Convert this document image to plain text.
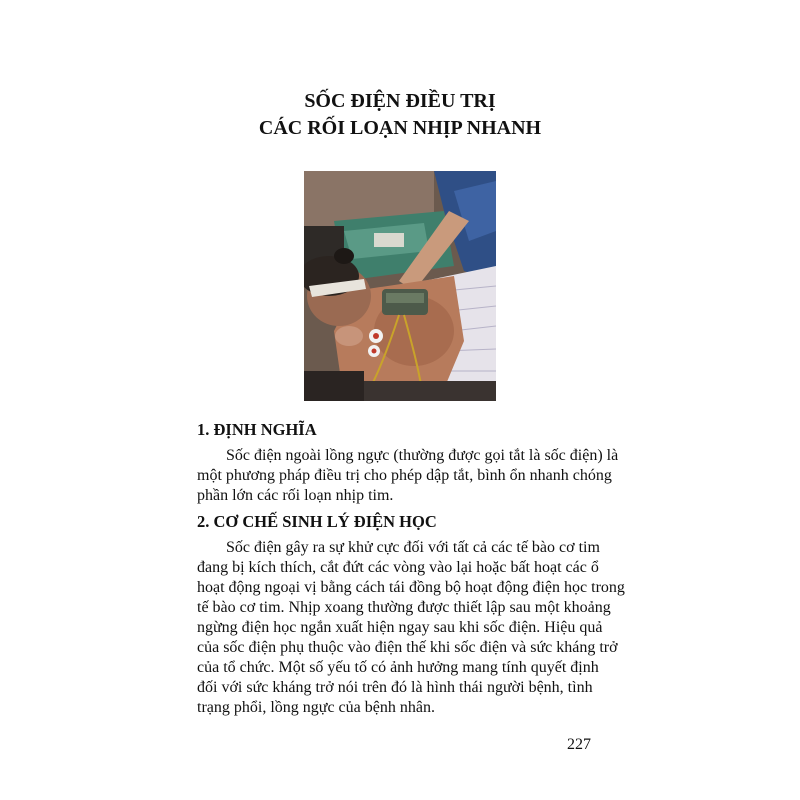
SỐC ĐIỆN ĐIỀU TRỊ
CÁC RỐI LOẠN NHỊP NHANH
1. ĐỊNH NGHĨA
Sốc điện ngoài lồng ngực (thường được gọi tắt là sốc điện) là
một phương pháp điều trị cho phép dập tắt, bình ổn nhanh chóng
phần lớn các rối loạn nhịp tim.
2. CƠ CHẾ SINH LÝ ĐIỆN HỌC
Sốc điện gây ra sự khử cực đối với tất cả các tế bào cơ tim
đang bị kích thích, cắt đứt các vòng vào lại hoặc bất hoạt các ổ
hoạt động ngoại vị bằng cách tái đồng bộ hoạt động điện học trong
tế bào cơ tim. Nhịp xoang thường được thiết lập sau một khoảng
ngừng điện học ngắn xuất hiện ngay sau khi sốc điện. Hiệu quả
của sốc điện phụ thuộc vào điện thế khi sốc điện và sức kháng trở
của tổ chức. Một số yếu tố có ảnh hưởng mang tính quyết định
đối với sức kháng trở nói trên đó là hình thái người bệnh, tình
trạng phổi, lồng ngực của bệnh nhân.
227
